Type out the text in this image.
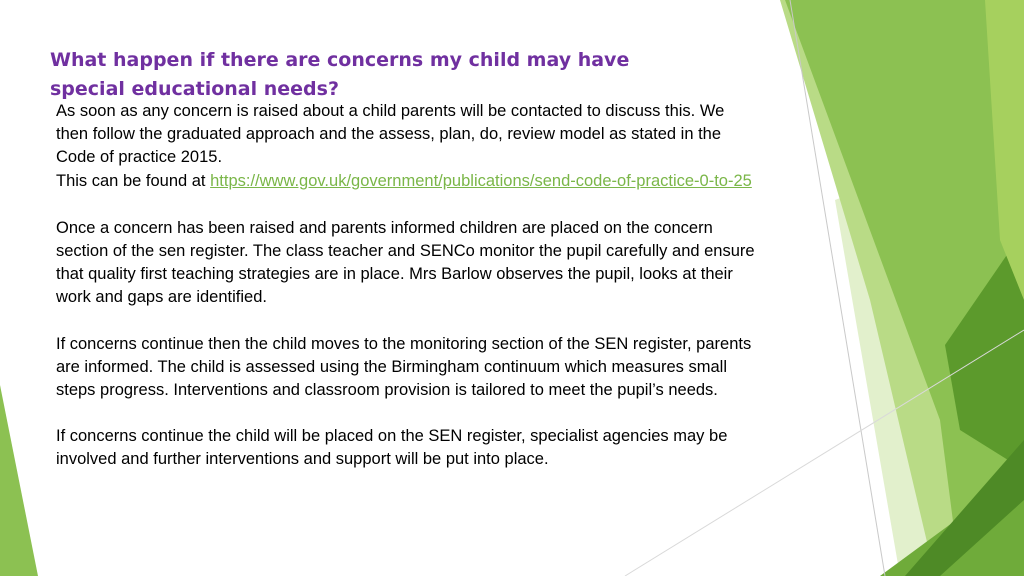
What happen if there are concerns my child may have special educational needs?

As soon as any concern is raised about a child parents will be contacted to discuss this. We then follow the graduated approach and the assess, plan, do, review model as stated in the Code of practice 2015.
This can be found at https://www.gov.uk/government/publications/send-code-of-practice-0-to-25

Once a concern has been raised and parents informed children are placed on the concern section of the sen register. The class teacher and SENCo monitor the pupil carefully and ensure that quality first teaching strategies are in place. Mrs Barlow observes the pupil, looks at their work and gaps are identified.

If concerns continue then the child moves to the monitoring section of the SEN register, parents are informed. The child is assessed using the Birmingham continuum which measures small steps progress. Interventions and classroom provision is tailored to meet the pupil’s needs.

If concerns continue the child will be placed on the SEN register, specialist agencies may be involved and further interventions and support will be put into place.
